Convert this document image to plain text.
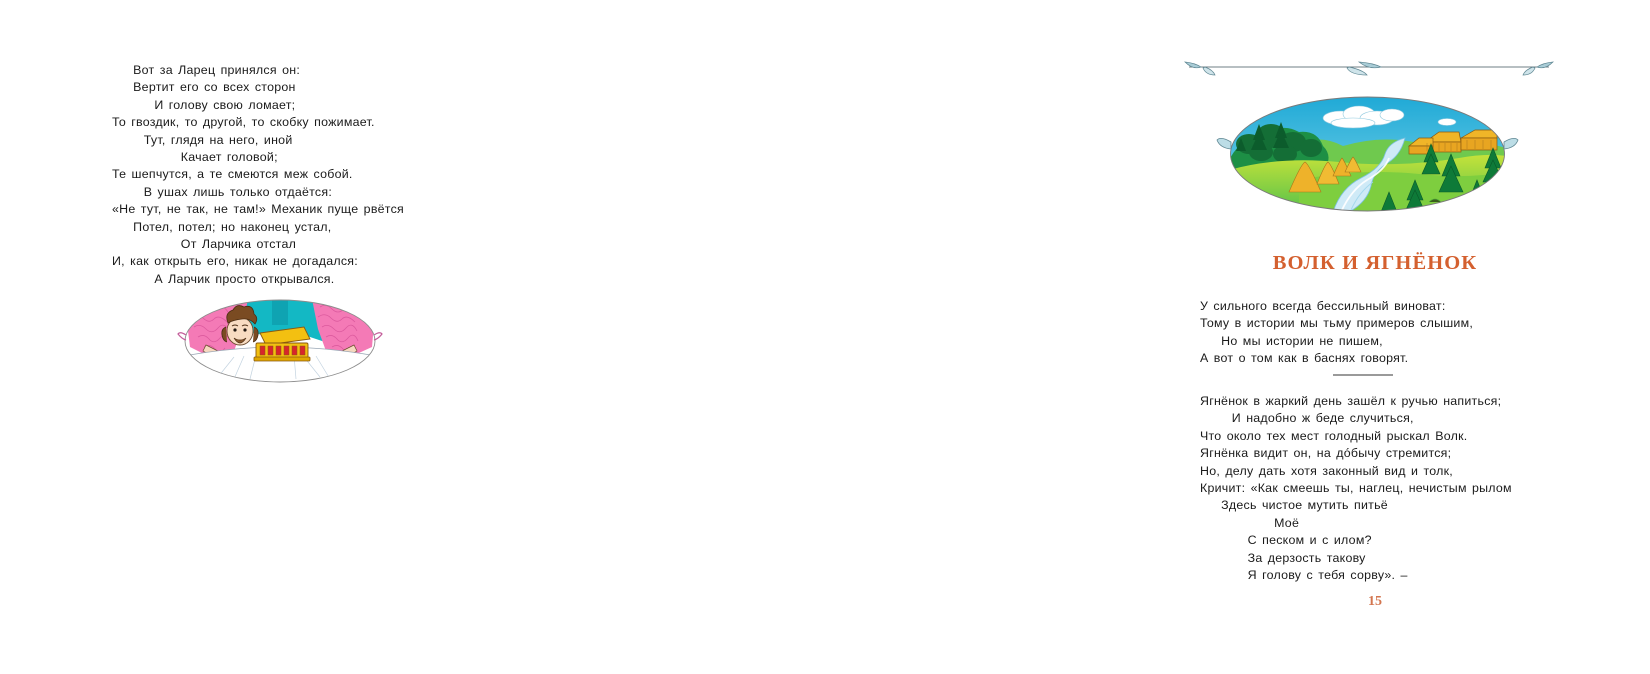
Вот за Ларец принялся он:
Вертит его со всех сторон
И голову свою ломает;
То гвоздик, то другой, то скобку пожимает.
Тут, глядя на него, иной
Качает головой;
Те шепчутся, а те смеются меж собой.
В ушах лишь только отдаётся:
«Не тут, не так, не там!» Механик пуще рвётся
Потел, потел; но наконец устал,
От Ларчика отстал
И, как открыть его, никак не догадался:
А Ларчик просто открывался.
ВОЛК И ЯГНЁНОК
У сильного всегда бессильный виноват:
Тому в истории мы тьму примеров слышим,
Но мы истории не пишем,
А вот о том как в баснях говорят.
Ягнёнок в жаркий день зашёл к ручью напиться;
И надобно ж беде случиться,
Что около тех мест голодный рыскал Волк.
Ягнёнка видит он, на дóбычу стремится;
Но, делу дать хотя законный вид и толк,
Кричит: «Как смеешь ты, наглец, нечистым рылом
Здесь чистое мутить питьё
Моё
С песком и с илом?
За дерзость такову
Я голову с тебя сорву». –
15
